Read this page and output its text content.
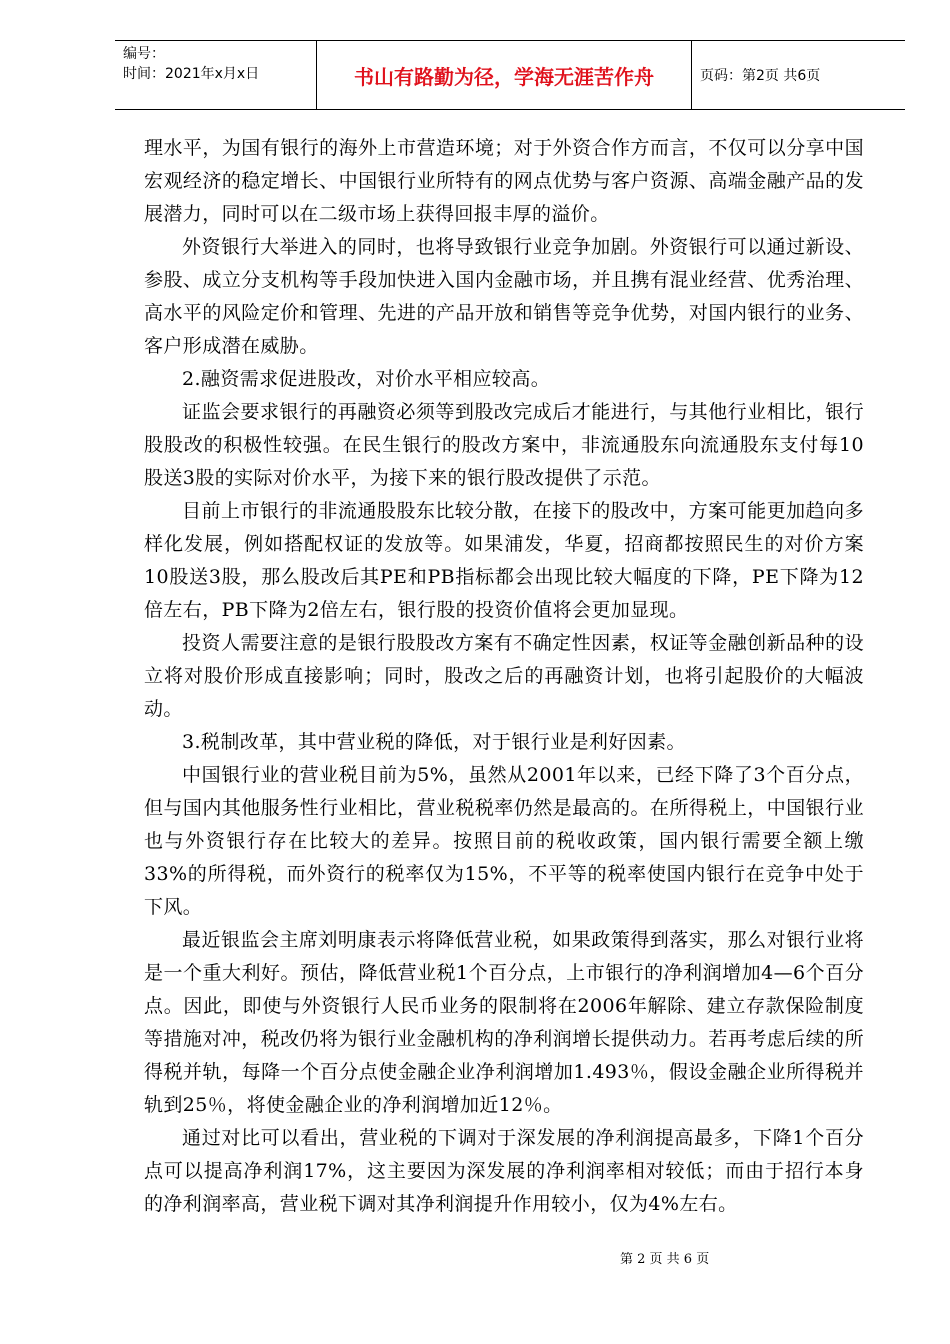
编号：
时间：2021年x月x日	书山有路勤为径，学海无涯苦作舟	页码：第2页 共6页

理水平，为国有银行的海外上市营造环境；对于外资合作方而言，不仅可以分享中国宏观经济的稳定增长、中国银行业所特有的网点优势与客户资源、高端金融产品的发展潜力，同时可以在二级市场上获得回报丰厚的溢价。

外资银行大举进入的同时，也将导致银行业竞争加剧。外资银行可以通过新设、参股、成立分支机构等手段加快进入国内金融市场，并且携有混业经营、优秀治理、高水平的风险定价和管理、先进的产品开放和销售等竞争优势，对国内银行的业务、客户形成潜在威胁。

2.融资需求促进股改，对价水平相应较高。

证监会要求银行的再融资必须等到股改完成后才能进行，与其他行业相比，银行股股改的积极性较强。在民生银行的股改方案中，非流通股东向流通股东支付每10股送3股的实际对价水平，为接下来的银行股改提供了示范。

目前上市银行的非流通股股东比较分散，在接下的股改中，方案可能更加趋向多样化发展，例如搭配权证的发放等。如果浦发，华夏，招商都按照民生的对价方案10股送3股，那么股改后其PE和PB指标都会出现比较大幅度的下降，PE下降为12倍左右，PB下降为2倍左右，银行股的投资价值将会更加显现。

投资人需要注意的是银行股股改方案有不确定性因素，权证等金融创新品种的设立将对股价形成直接影响；同时，股改之后的再融资计划，也将引起股价的大幅波动。

3.税制改革，其中营业税的降低，对于银行业是利好因素。

中国银行业的营业税目前为5%，虽然从2001年以来，已经下降了3个百分点，但与国内其他服务性行业相比，营业税税率仍然是最高的。在所得税上，中国银行业也与外资银行存在比较大的差异。按照目前的税收政策，国内银行需要全额上缴33%的所得税，而外资行的税率仅为15%，不平等的税率使国内银行在竞争中处于下风。

最近银监会主席刘明康表示将降低营业税，如果政策得到落实，那么对银行业将是一个重大利好。预估，降低营业税1个百分点，上市银行的净利润增加4—6个百分点。因此，即使与外资银行人民币业务的限制将在2006年解除、建立存款保险制度等措施对冲，税改仍将为银行业金融机构的净利润增长提供动力。若再考虑后续的所得税并轨，每降一个百分点使金融企业净利润增加1.493％，假设金融企业所得税并轨到25％，将使金融企业的净利润增加近12％。

通过对比可以看出，营业税的下调对于深发展的净利润提高最多，下降1个百分点可以提高净利润17%，这主要因为深发展的净利润率相对较低；而由于招行本身的净利润率高，营业税下调对其净利润提升作用较小，仅为4%左右。

第 2 页 共 6 页
